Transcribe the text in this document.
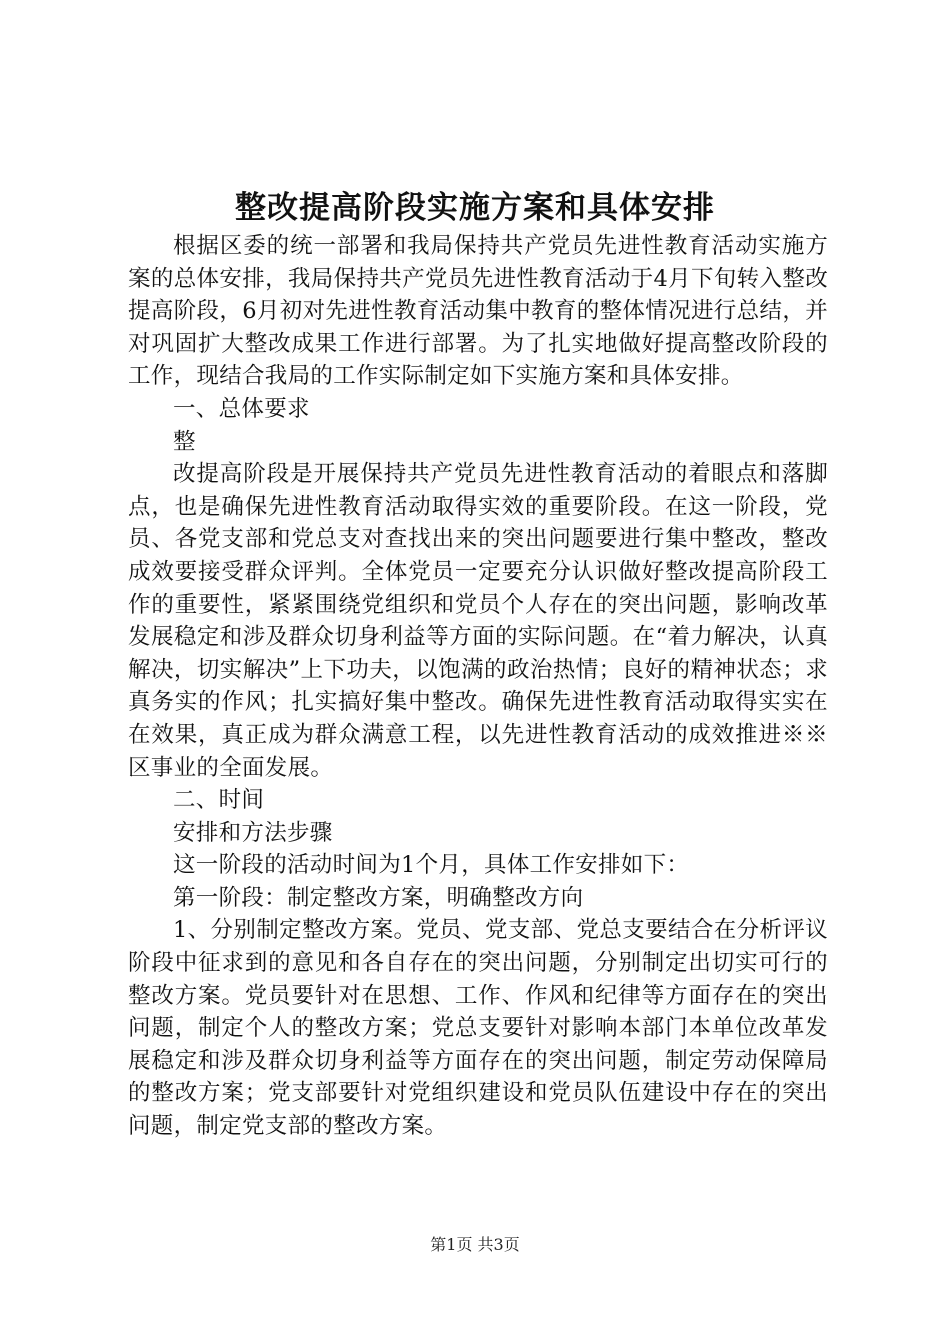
整改提高阶段实施方案和具体安排

根据区委的统一部署和我局保持共产党员先进性教育活动实施方案的总体安排，我局保持共产党员先进性教育活动于4月下旬转入整改提高阶段，6月初对先进性教育活动集中教育的整体情况进行总结，并对巩固扩大整改成果工作进行部署。为了扎实地做好提高整改阶段的工作，现结合我局的工作实际制定如下实施方案和具体安排。

一、总体要求

整

改提高阶段是开展保持共产党员先进性教育活动的着眼点和落脚点，也是确保先进性教育活动取得实效的重要阶段。在这一阶段，党员、各党支部和党总支对查找出来的突出问题要进行集中整改，整改成效要接受群众评判。全体党员一定要充分认识做好整改提高阶段工作的重要性，紧紧围绕党组织和党员个人存在的突出问题，影响改革发展稳定和涉及群众切身利益等方面的实际问题。在“着力解决，认真解决，切实解决”上下功夫，以饱满的政治热情；良好的精神状态；求真务实的作风；扎实搞好集中整改。确保先进性教育活动取得实实在在效果，真正成为群众满意工程，以先进性教育活动的成效推进※※区事业的全面发展。

二、时间

安排和方法步骤

这一阶段的活动时间为1个月，具体工作安排如下：

第一阶段：制定整改方案，明确整改方向

1、分别制定整改方案。党员、党支部、党总支要结合在分析评议阶段中征求到的意见和各自存在的突出问题，分别制定出切实可行的整改方案。党员要针对在思想、工作、作风和纪律等方面存在的突出问题，制定个人的整改方案；党总支要针对影响本部门本单位改革发展稳定和涉及群众切身利益等方面存在的突出问题，制定劳动保障局的整改方案；党支部要针对党组织建设和党员队伍建设中存在的突出问题，制定党支部的整改方案。

第1页 共3页
